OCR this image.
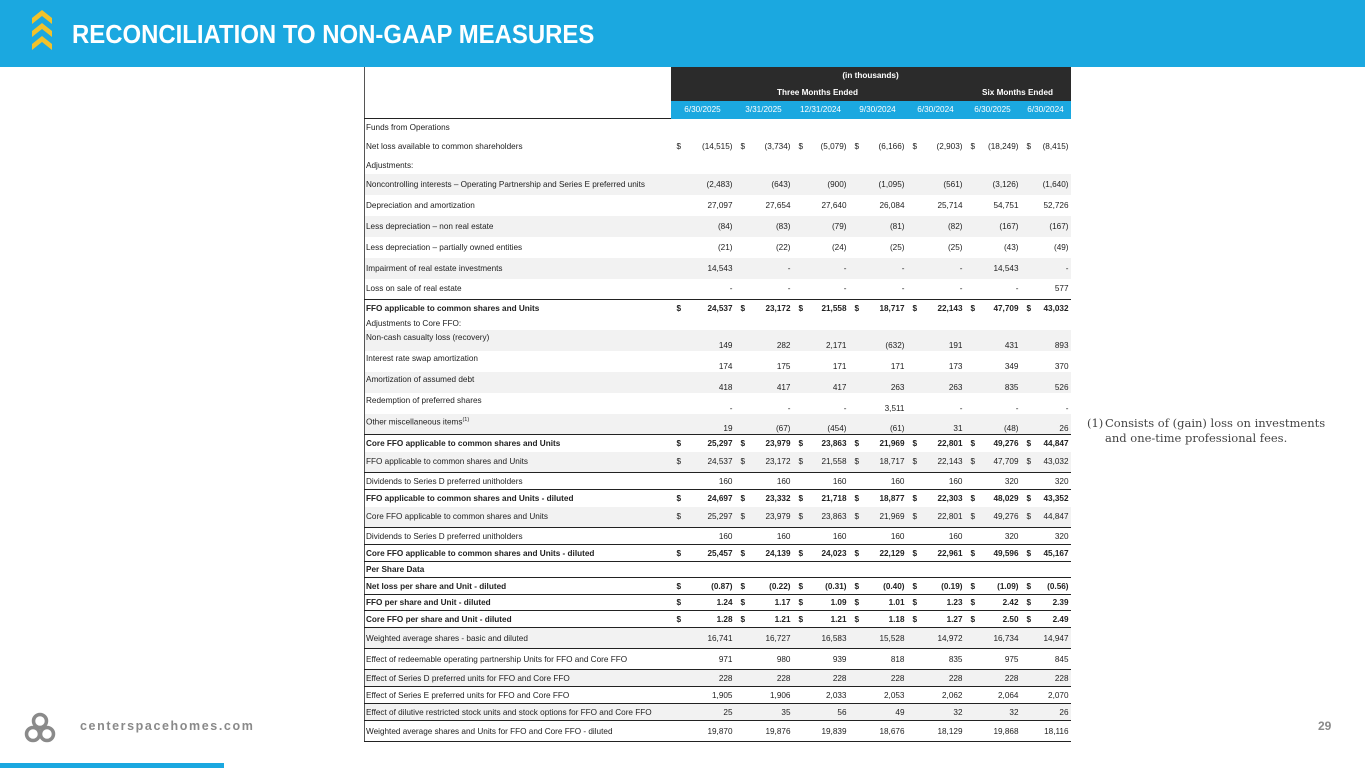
RECONCILIATION TO NON-GAAP MEASURES
	(in thousands)						
	Three Months Ended					Six Months Ended	
	6/30/2025	3/31/2025	12/31/2024	9/30/2024	6/30/2024	6/30/2025	6/30/2024
Funds from Operations							
Net loss available to common shareholders	$ (14,515)	$ (3,734)	$ (5,079)	$ (6,166)	$ (2,903)	$ (18,249)	$ (8,415)

Adjustments:							
Noncontrolling interests – Operating Partnership and Series E preferred units	(2,483)	(643)	(900)	(1,095)	(561)	(3,126)	(1,640)
Depreciation and amortization	27,097	27,654	27,640	26,084	25,714	54,751	52,726
Less depreciation – non real estate	(84)	(83)	(79)	(81)	(82)	(167)	(167)
Less depreciation – partially owned entities	(21)	(22)	(24)	(25)	(25)	(43)	(49)
Impairment of real estate investments	14,543	-	-	-	-	14,543	-
Loss on sale of real estate	-	-	-	-	-	-	577
FFO applicable to common shares and Units	$ 24,537	$ 23,172	$ 21,558	$ 18,717	$ 22,143	$ 47,709	$ 43,032

Adjustments to Core FFO:							
Non-cash casualty loss (recovery)	149	282	2,171	(632)	191	431	893
Interest rate swap amortization	174	175	171	171	173	349	370
Amortization of assumed debt	418	417	417	263	263	835	526
Redemption of preferred shares	-	-	-	3,511	-	-	-
Other miscellaneous items$^{(1)}$	19	(67)	(454)	(61)	31	(48)	26
Core FFO applicable to common shares and Units	$ 25,297	$ 23,979	$ 23,863	$ 21,969	$ 22,801	$ 49,276	$ 44,847

FFO applicable to common shares and Units	$ 24,537	$ 23,172	$ 21,558	$ 18,717	$ 22,143	$ 47,709	$ 43,032

Dividends to Series D preferred unitholders	160	160	160	160	160	320	320
FFO applicable to common shares and Units - diluted	$ 24,697	$ 23,332	$ 21,718	$ 18,877	$ 22,303	$ 48,029	$ 43,352

Core FFO applicable to common shares and Units	$ 25,297	$ 23,979	$ 23,863	$ 21,969	$ 22,801	$ 49,276	$ 44,847

Dividends to Series D preferred unitholders	160	160	160	160	160	320	320
Core FFO applicable to common shares and Units - diluted	$ 25,457	$ 24,139	$ 24,023	$ 22,129	$ 22,961	$ 49,596	$ 45,167

Per Share Data							
Net loss per share and Unit - diluted	$ (0.87)	$ (0.22)	$ (0.31)	$ (0.40)	$ (0.19)	$ (1.09)	$ (0.56)

FFO per share and Unit - diluted	$ 1.24	$ 1.17	$ 1.09	$ 1.01	$ 1.23	$ 2.42	$ 2.39

Core FFO per share and Unit - diluted	$ 1.28	$ 1.21	$ 1.21	$ 1.18	$ 1.27	$ 2.50	$ 2.49

Weighted average shares - basic and diluted	16,741	16,727	16,583	15,528	14,972	16,734	14,947
Effect of redeemable operating partnership Units for FFO and Core FFO	971	980	939	818	835	975	845
Effect of Series D preferred units for FFO and Core FFO	228	228	228	228	228	228	228
Effect of Series E preferred units for FFO and Core FFO	1,905	1,906	2,033	2,053	2,062	2,064	2,070
Effect of dilutive restricted stock units and stock options for FFO and Core FFO	25	35	56	49	32	32	26
Weighted average shares and Units for FFO and Core FFO - diluted	19,870	19,876	19,839	18,676	18,129	19,868	18,116
(1) Consists of (gain) loss on investments and one-time professional fees.
centerspacehomes.com	29
